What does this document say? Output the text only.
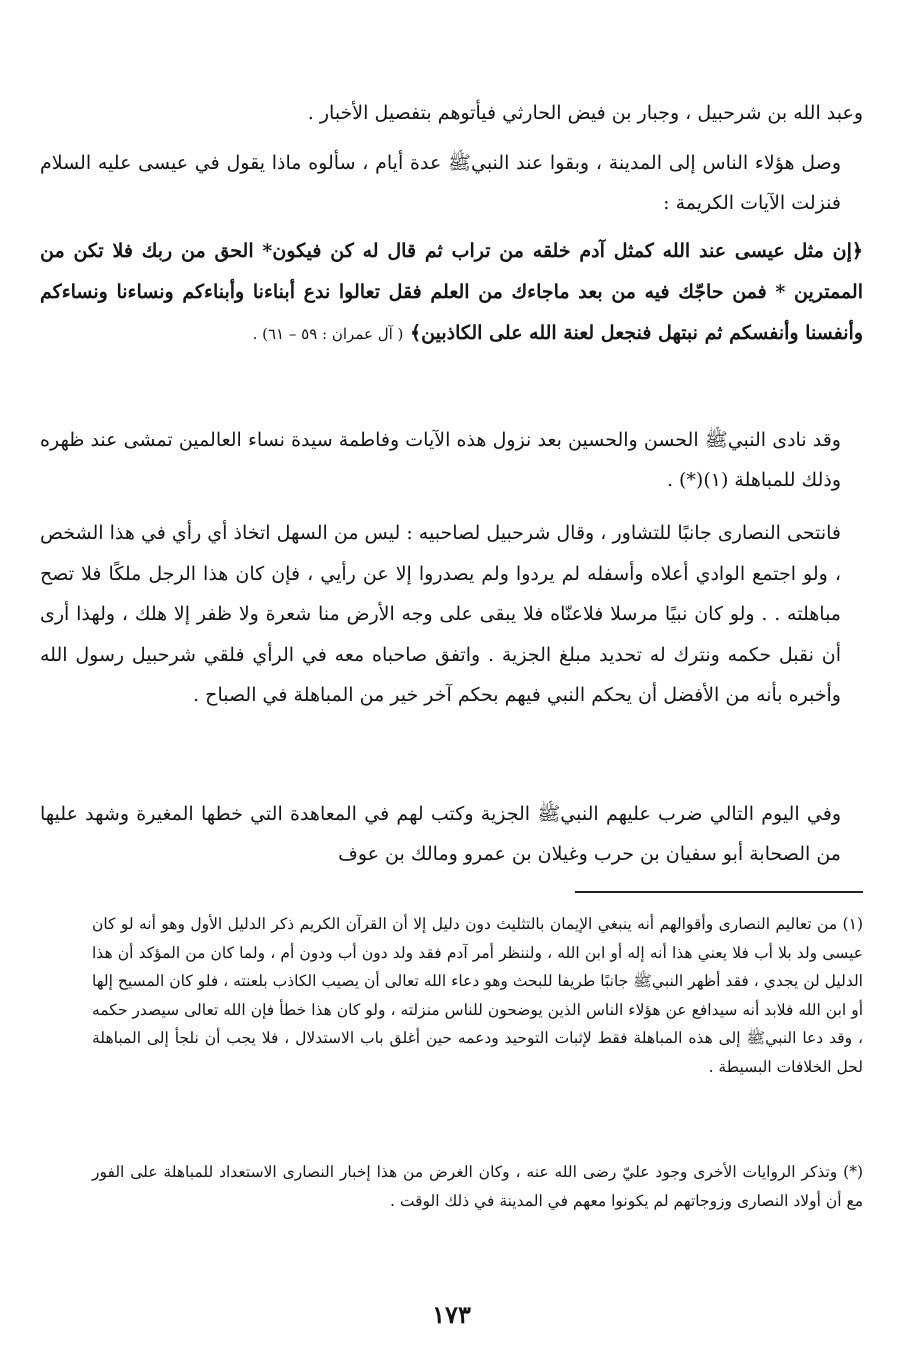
وعبد الله بن شرحبيل ، وجبار بن فيض الحارثي فيأتوهم بتفصيل الأخبار .

وصل هؤلاء الناس إلى المدينة ، وبقوا عند النبيﷺ عدة أيام ، سألوه ماذا يقول في عيسى عليه السلام فنزلت الآيات الكريمة :

﴿إن مثل عيسى عند الله كمثل آدم خلقه من تراب ثم قال له كن فيكون* الحق من ربك فلا تكن من الممترين * فمن حاجّك فيه من بعد ماجاءك من العلم فقل تعالوا ندع أبناءنا وأبناءكم ونساءنا ونساءكم وأنفسنا وأنفسكم ثم نبتهل فنجعل لعنة الله على الكاذبين﴾ ( آل عمران : ٥٩ – ٦١) .

وقد نادى النبيﷺ الحسن والحسين بعد نزول هذه الآيات وفاطمة سيدة نساء العالمين تمشى عند ظهره وذلك للمباهلة (١)(*) .

فانتحى النصارى جانبًا للتشاور ، وقال شرحبيل لصاحبيه : ليس من السهل اتخاذ أي رأي في هذا الشخص ، ولو اجتمع الوادي أعلاه وأسفله لم يردوا ولم يصدروا إلا عن رأيي ، فإن كان هذا الرجل ملكًا فلا تصح مباهلته . . ولو كان نبيًا مرسلا فلاعنّاه فلا يبقى على وجه الأرض منا شعرة ولا ظفر إلا هلك ، ولهذا أرى أن نقبل حكمه ونترك له تحديد مبلغ الجزية . واتفق صاحباه معه في الرأي فلقي شرحبيل رسول الله وأخبره بأنه من الأفضل أن يحكم النبي فيهم بحكم آخر خير من المباهلة في الصباح .

وفي اليوم التالي ضرب عليهم النبيﷺ الجزية وكتب لهم في المعاهدة التي خطها المغيرة وشهد عليها من الصحابة أبو سفيان بن حرب وغيلان بن عمرو ومالك بن عوف

(١) من تعاليم النصارى وأقوالهم أنه ينبغي الإيمان بالتثليث دون دليل إلا أن القرآن الكريم ذكر الدليل الأول وهو أنه لو كان عيسى ولد بلا أب فلا يعني هذا أنه إله أو ابن الله ، ولننظر أمر آدم فقد ولد دون أب ودون أم ، ولما كان من المؤكد أن هذا الدليل لن يجدي ، فقد أظهر النبيﷺ جانبًا طريفا للبحث وهو دعاء الله تعالى أن يصيب الكاذب بلعنته ، فلو كان المسيح إلها أو ابن الله فلابد أنه سيدافع عن هؤلاء الناس الذين يوضحون للناس منزلته ، ولو كان هذا خطأ فإن الله تعالى سيصدر حكمه ، وقد دعا النبيﷺ إلى هذه المباهلة فقط لإثبات التوحيد ودعمه حين أغلق باب الاستدلال ، فلا يجب أن نلجأ إلى المباهلة لحل الخلافات البسيطة .

(*) وتذكر الروايات الأخرى وجود عليّ رضى الله عنه ، وكان الغرض من هذا إخبار النصارى الاستعداد للمباهلة على الفور مع أن أولاد النصارى وزوجاتهم لم يكونوا معهم في المدينة في ذلك الوقت .

١٧٣
